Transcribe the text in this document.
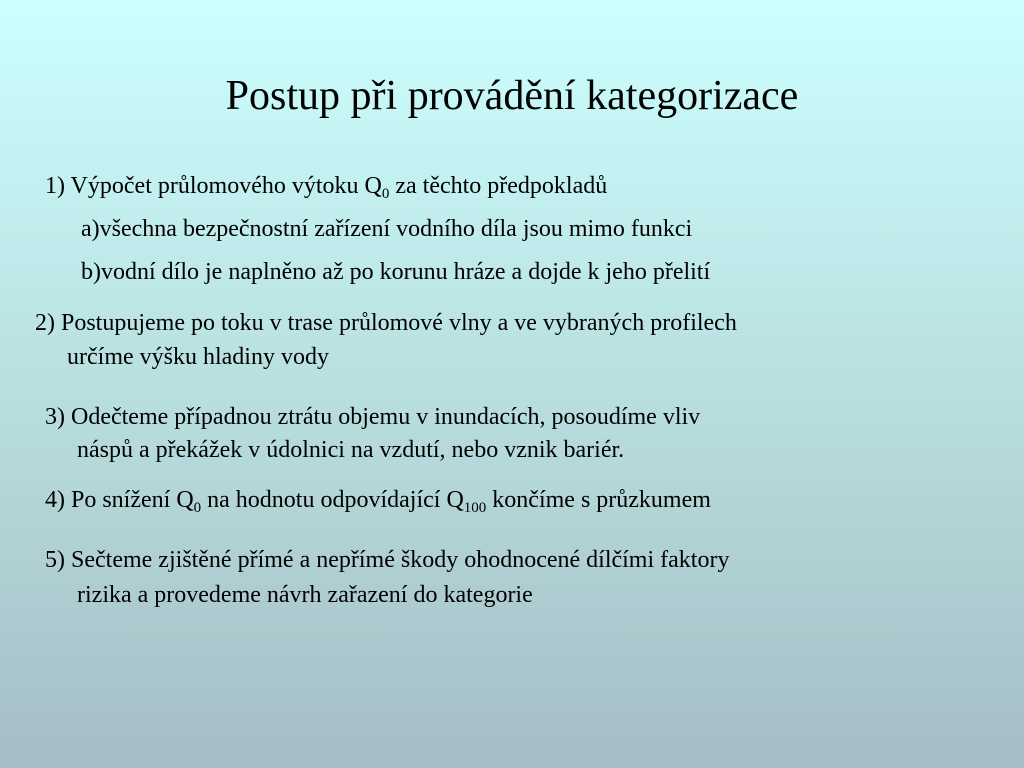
Postup při provádění kategorizace
1) Výpočet průlomového výtoku $Q_0$ za těchto předpokladů
a)všechna bezpečnostní zařízení vodního díla jsou mimo funkci
b)vodní dílo je naplněno až po korunu hráze a dojde k jeho přelití
2) Postupujeme po toku v trase průlomové vlny a ve vybraných profilech
určíme výšku hladiny vody
3) Odečteme případnou ztrátu objemu v inundacích, posoudíme vliv
náspů a překážek v údolnici na vzdutí, nebo vznik bariér.
4) Po snížení $Q_0$ na hodnotu odpovídající $Q_{100}$ končíme s průzkumem
5) Sečteme zjištěné přímé a nepřímé škody ohodnocené dílčími faktory
rizika a provedeme návrh zařazení do kategorie
